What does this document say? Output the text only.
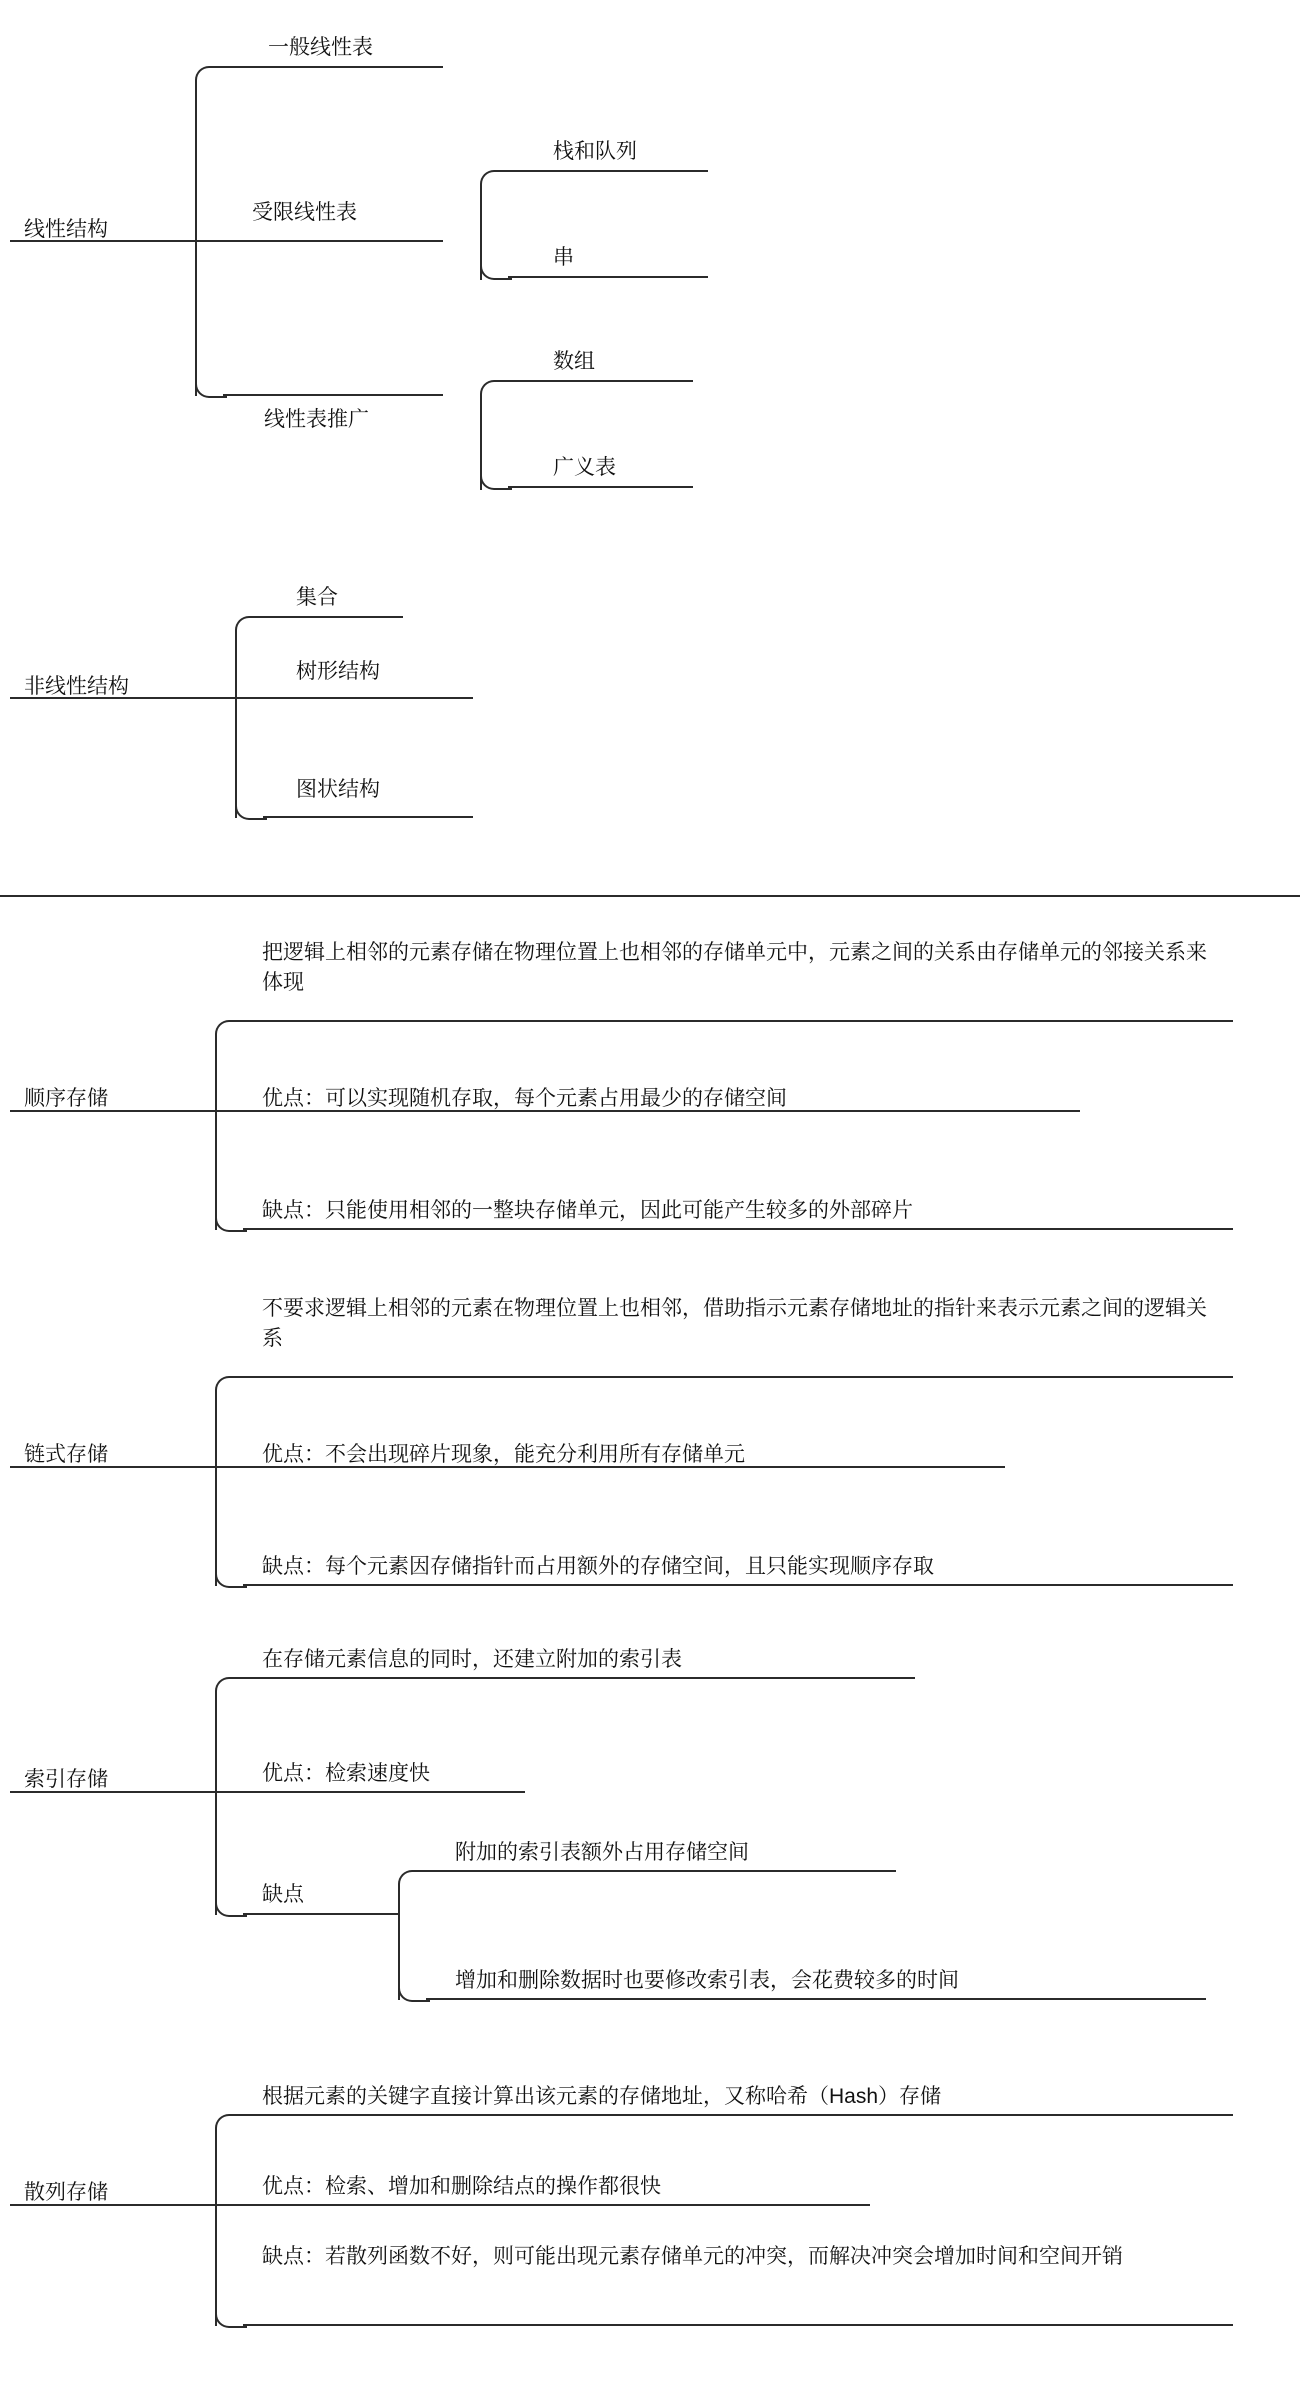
线性结构
一般线性表
受限线性表
栈和队列
串
线性表推广
数组
广义表
非线性结构
集合
树形结构
图状结构
顺序存储
把逻辑上相邻的元素存储在物理位置上也相邻的存储单元中，元素之间的关系由存储单元的邻接关系来体现
优点：可以实现随机存取，每个元素占用最少的存储空间
缺点：只能使用相邻的一整块存储单元，因此可能产生较多的外部碎片
链式存储
不要求逻辑上相邻的元素在物理位置上也相邻，借助指示元素存储地址的指针来表示元素之间的逻辑关系
优点：不会出现碎片现象，能充分利用所有存储单元
缺点：每个元素因存储指针而占用额外的存储空间，且只能实现顺序存取
索引存储
在存储元素信息的同时，还建立附加的索引表
优点：检索速度快
缺点
附加的索引表额外占用存储空间
增加和删除数据时也要修改索引表，会花费较多的时间
散列存储
根据元素的关键字直接计算出该元素的存储地址，又称哈希（Hash）存储
优点：检索、增加和删除结点的操作都很快
缺点：若散列函数不好，则可能出现元素存储单元的冲突，而解决冲突会增加时间和空间开销
